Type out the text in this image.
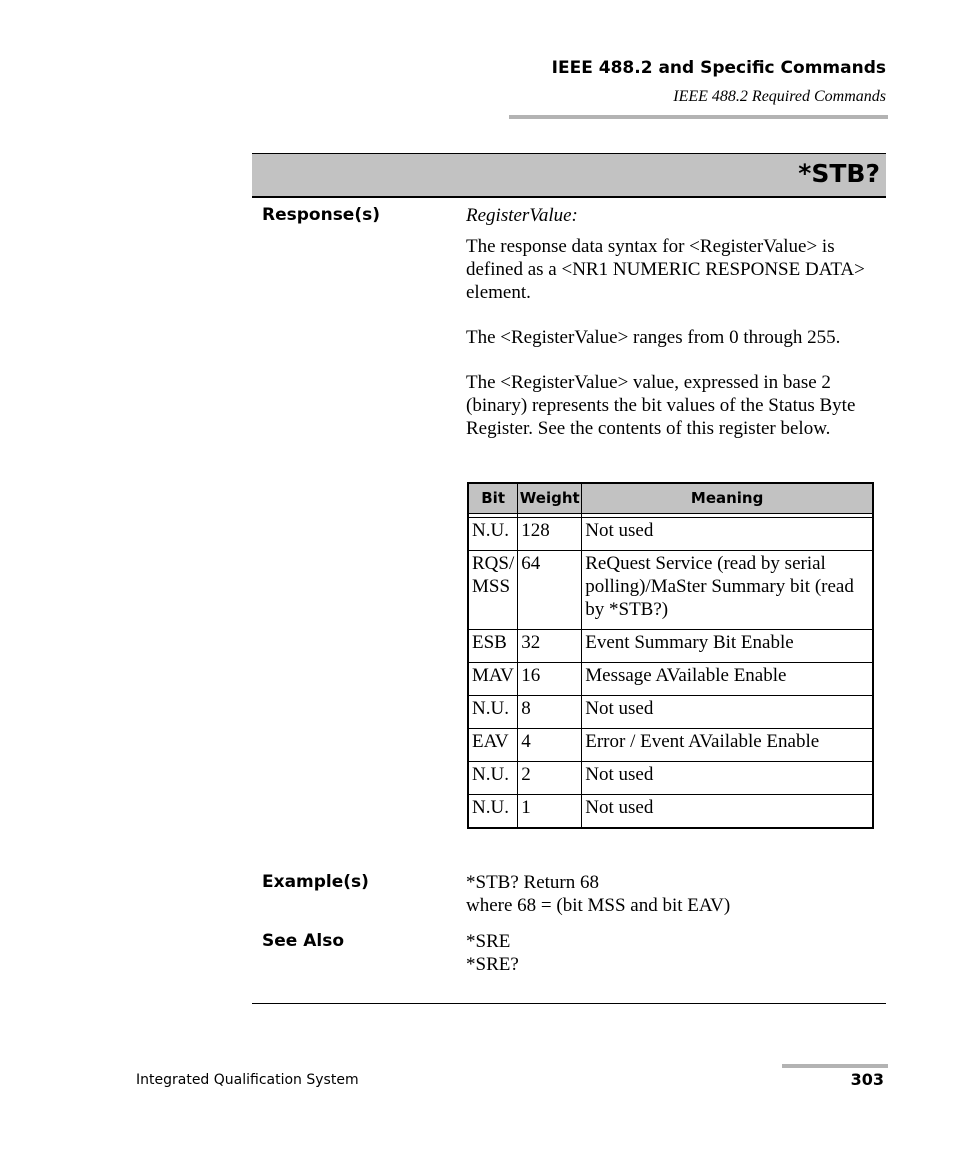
IEEE 488.2 and Specific Commands
IEEE 488.2 Required Commands
*STB?
Response(s)	RegisterValue:

The response data syntax for <RegisterValue> is defined as a <NR1 NUMERIC RESPONSE DATA> element.

The <RegisterValue> ranges from 0 through 255.

The <RegisterValue> value, expressed in base 2 (binary) represents the bit values of the Status Byte Register. See the contents of this register below.

Bit	Weight	Meaning

N.U.	128	Not used
RQS/ MSS	64	ReQuest Service (read by serial polling)/MaSter Summary bit (read by *STB?)
ESB	32	Event Summary Bit Enable
MAV	16	Message AVailable Enable
N.U.	8	Not used
EAV	4	Error / Event AVailable Enable
N.U.	2	Not used
N.U.	1	Not used
Example(s)	*STB? Return 68

where 68 = (bit MSS and bit EAV)

See Also	*SRE

*SRE?

Integrated Qualification System	303
